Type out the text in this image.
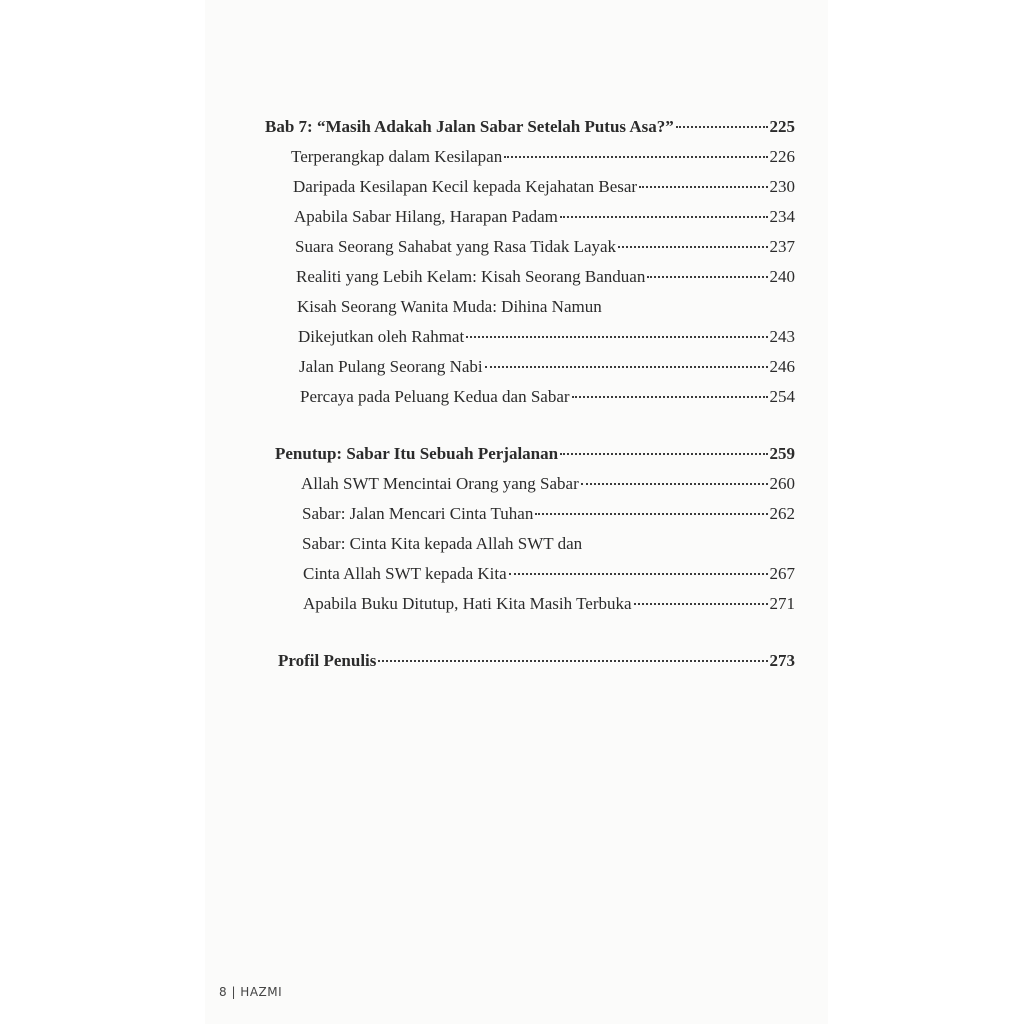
Bab 7: “Masih Adakah Jalan Sabar Setelah Putus Asa?”	225
Terperangkap dalam Kesilapan	226
Daripada Kesilapan Kecil kepada Kejahatan Besar	230
Apabila Sabar Hilang, Harapan Padam	234
Suara Seorang Sahabat yang Rasa Tidak Layak	237
Realiti yang Lebih Kelam: Kisah Seorang Banduan	240
Kisah Seorang Wanita Muda: Dihina Namun
Dikejutkan oleh Rahmat	243
Jalan Pulang Seorang Nabi	246
Percaya pada Peluang Kedua dan Sabar	254
Penutup: Sabar Itu Sebuah Perjalanan	259
Allah SWT Mencintai Orang yang Sabar	260
Sabar: Jalan Mencari Cinta Tuhan	262
Sabar: Cinta Kita kepada Allah SWT dan
Cinta Allah SWT kepada Kita	267
Apabila Buku Ditutup, Hati Kita Masih Terbuka	271
Profil Penulis	273
8 | HAZMI
